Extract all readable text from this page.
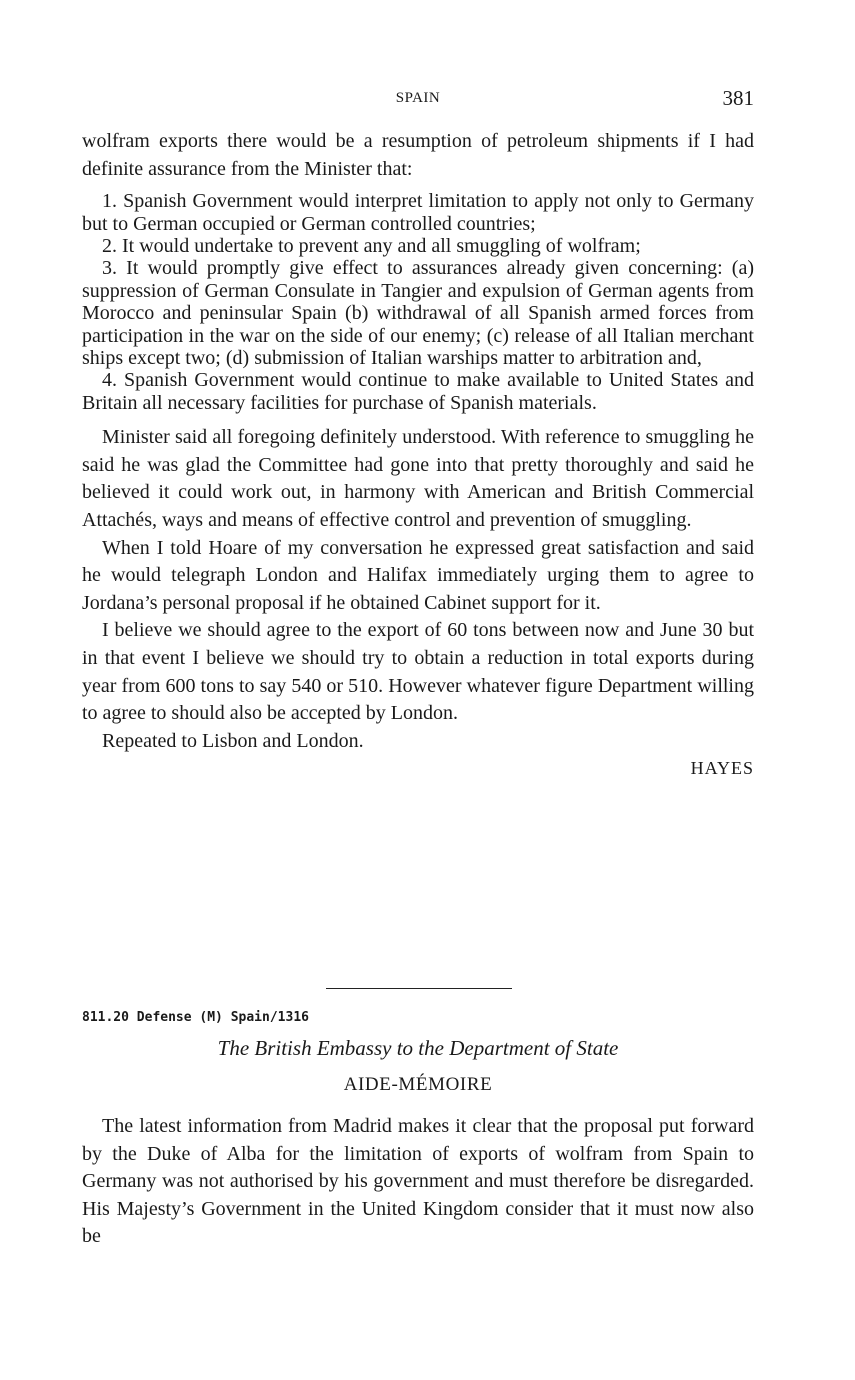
SPAIN	381
wolfram exports there would be a resumption of petroleum shipments if I had definite assurance from the Minister that:
1. Spanish Government would interpret limitation to apply not only to Germany but to German occupied or German controlled countries;
2. It would undertake to prevent any and all smuggling of wolfram;
3. It would promptly give effect to assurances already given concerning: (a) suppression of German Consulate in Tangier and expulsion of German agents from Morocco and peninsular Spain (b) withdrawal of all Spanish armed forces from participation in the war on the side of our enemy; (c) release of all Italian merchant ships except two; (d) submission of Italian warships matter to arbitration and,
4. Spanish Government would continue to make available to United States and Britain all necessary facilities for purchase of Spanish materials.
Minister said all foregoing definitely understood. With reference to smuggling he said he was glad the Committee had gone into that pretty thoroughly and said he believed it could work out, in harmony with American and British Commercial Attachés, ways and means of effective control and prevention of smuggling.
When I told Hoare of my conversation he expressed great satisfaction and said he would telegraph London and Halifax immediately urging them to agree to Jordana’s personal proposal if he obtained Cabinet support for it.
I believe we should agree to the export of 60 tons between now and June 30 but in that event I believe we should try to obtain a reduction in total exports during year from 600 tons to say 540 or 510. However whatever figure Department willing to agree to should also be accepted by London.
Repeated to Lisbon and London.
HAYES
811.20 Defense (M) Spain/1316
The British Embassy to the Department of State
AIDE-MÉMOIRE
The latest information from Madrid makes it clear that the proposal put forward by the Duke of Alba for the limitation of exports of wolfram from Spain to Germany was not authorised by his government and must therefore be disregarded. His Majesty’s Government in the United Kingdom consider that it must now also be
